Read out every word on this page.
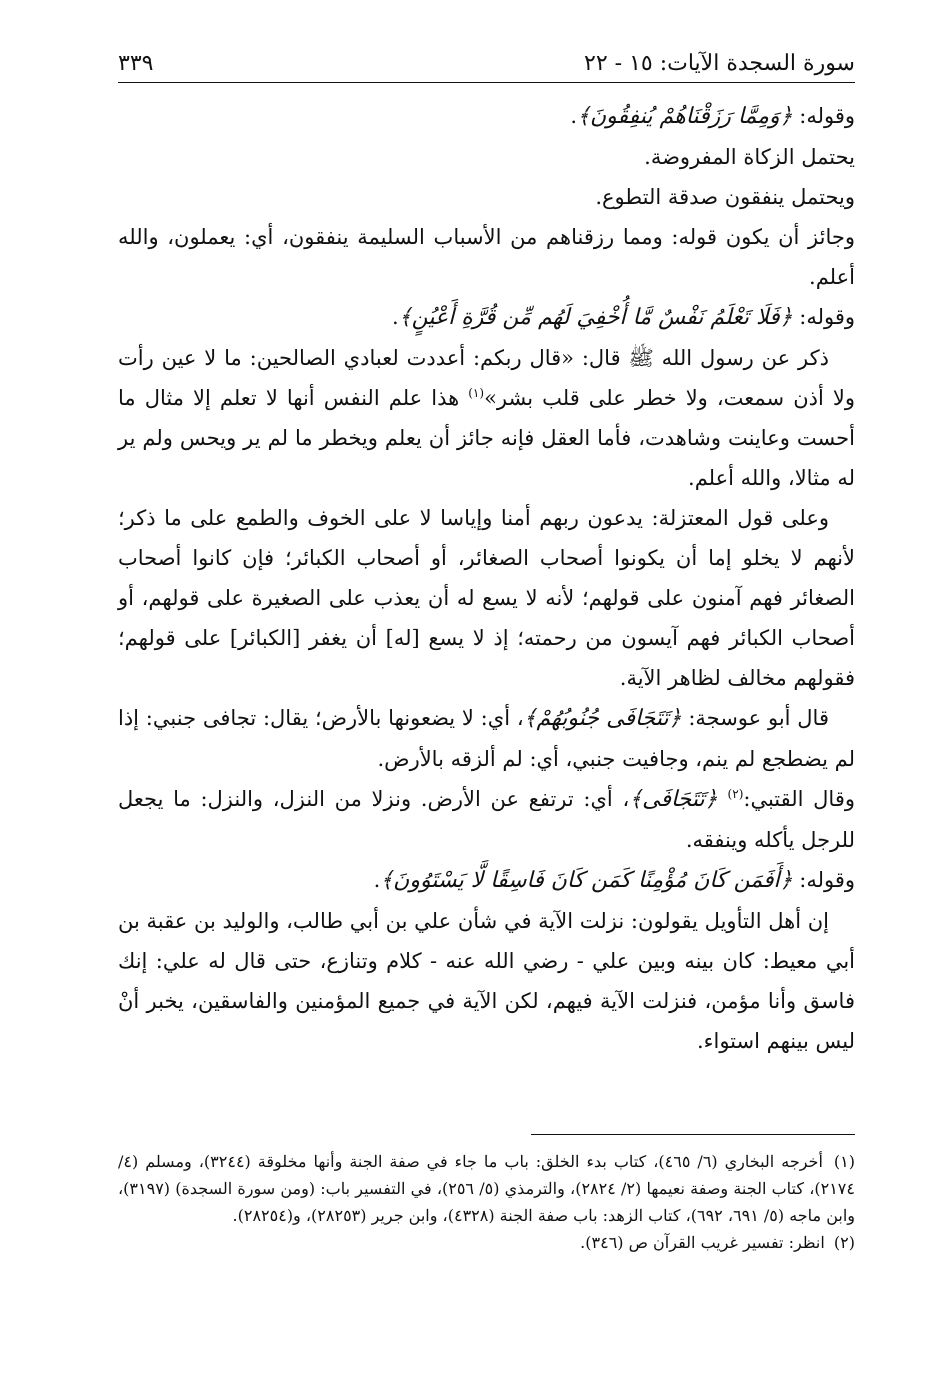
سورة السجدة الآيات: ١٥ - ٢٢
٣٣٩

وقوله: ﴿وَمِمَّا رَزَقْنَاهُمْ يُنفِقُونَ﴾.

يحتمل الزكاة المفروضة.

ويحتمل ينفقون صدقة التطوع.

وجائز أن يكون قوله: ومما رزقناهم من الأسباب السليمة ينفقون، أي: يعملون، والله أعلم.

وقوله: ﴿فَلَا تَعْلَمُ نَفْسٌ مَّا أُخْفِيَ لَهُم مِّن قُرَّةِ أَعْيُنٍ﴾.

ذكر عن رسول الله ﷺ قال: «قال ربكم: أعددت لعبادي الصالحين: ما لا عين رأت ولا أذن سمعت، ولا خطر على قلب بشر»$^{(١)}$ هذا علم النفس أنها لا تعلم إلا مثال ما أحست وعاينت وشاهدت، فأما العقل فإنه جائز أن يعلم ويخطر ما لم ير ويحس ولم ير له مثالا، والله أعلم.

وعلى قول المعتزلة: يدعون ربهم أمنا وإياسا لا على الخوف والطمع على ما ذكر؛ لأنهم لا يخلو إما أن يكونوا أصحاب الصغائر، أو أصحاب الكبائر؛ فإن كانوا أصحاب الصغائر فهم آمنون على قولهم؛ لأنه لا يسع له أن يعذب على الصغيرة على قولهم، أو أصحاب الكبائر فهم آيسون من رحمته؛ إذ لا يسع [له] أن يغفر [الكبائر] على قولهم؛ فقولهم مخالف لظاهر الآية.

قال أبو عوسجة: ﴿تَتَجَافَى جُنُوبُهُمْ﴾، أي: لا يضعونها بالأرض؛ يقال: تجافى جنبي: إذا لم يضطجع لم ينم، وجافيت جنبي، أي: لم ألزقه بالأرض.

وقال القتبي:$^{(٢)}$ ﴿تَتَجَافَى﴾، أي: ترتفع عن الأرض. ونزلا من النزل، والنزل: ما يجعل للرجل يأكله وينفقه.

وقوله: ﴿أَفَمَن كَانَ مُؤْمِنًا كَمَن كَانَ فَاسِقًا لَّا يَسْتَوُونَ﴾.

إن أهل التأويل يقولون: نزلت الآية في شأن علي بن أبي طالب، والوليد بن عقبة بن أبي معيط: كان بينه وبين علي - رضي الله عنه - كلام وتنازع، حتى قال له علي: إنك فاسق وأنا مؤمن، فنزلت الآية فيهم، لكن الآية في جميع المؤمنين والفاسقين، يخبر أنْ ليس بينهم استواء.

(١) أخرجه البخاري (٦/ ٤٦٥)، كتاب بدء الخلق: باب ما جاء في صفة الجنة وأنها مخلوقة (٣٢٤٤)، ومسلم (٤/ ٢١٧٤)، كتاب الجنة وصفة نعيمها (٢/ ٢٨٢٤)، والترمذي (٥/ ٢٥٦)، في التفسير باب: (ومن سورة السجدة) (٣١٩٧)، وابن ماجه (٥/ ٦٩١، ٦٩٢)، كتاب الزهد: باب صفة الجنة (٤٣٢٨)، وابن جرير (٢٨٢٥٣)، و(٢٨٢٥٤).

(٢) انظر: تفسير غريب القرآن ص (٣٤٦).
